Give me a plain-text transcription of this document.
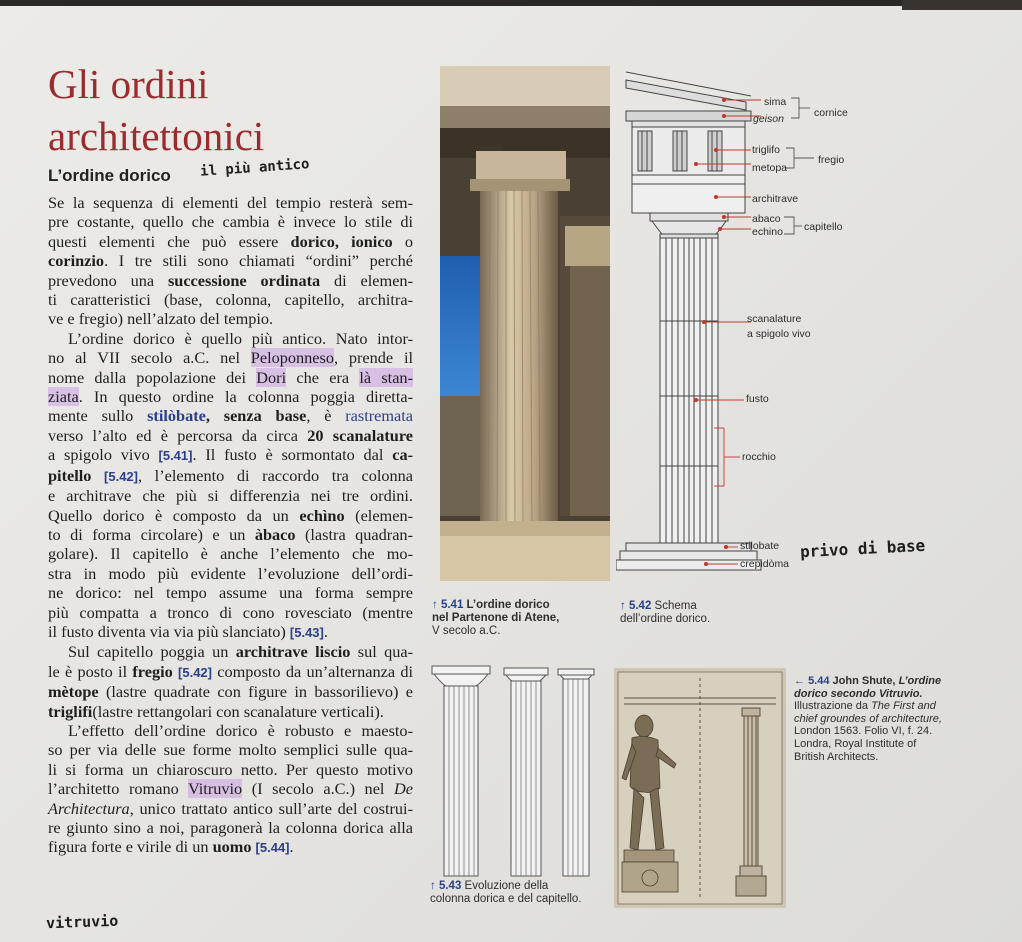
Gli ordini
architettonici
L’ordine dorico il più antico

Se la sequenza di elementi del tempio resterà sem-
pre costante, quello che cambia è invece lo stile di
questi elementi che può essere dorico, ionico o
corinzio. I tre stili sono chiamati “ordini” perché
prevedono una successione ordinata di elemen-
ti caratteristici (base, colonna, capitello, architra-
ve e fregio) nell’alzato del tempio.

L’ordine dorico è quello più antico. Nato intor-
no al VII secolo a.C. nel Peloponneso, prende il
nome dalla popolazione dei Dori che era là stan-
ziata. In questo ordine la colonna poggia diretta-
mente sullo stilòbate, senza base, è rastremata
verso l’alto ed è percorsa da circa 20 scanalature
a spigolo vivo [5.41]. Il fusto è sormontato dal ca-
pitello [5.42], l’elemento di raccordo tra colonna
e architrave che più si differenzia nei tre ordini.
Quello dorico è composto da un echìno (elemen-
to di forma circolare) e un àbaco (lastra quadran-
golare). Il capitello è anche l’elemento che mo-
stra in modo più evidente l’evoluzione dell’ordi-
ne dorico: nel tempo assume una forma sempre
più compatta a tronco di cono rovesciato (mentre
il fusto diventa via via più slanciato) [5.43].

Sul capitello poggia un architrave liscio sul qua-
le è posto il fregio [5.42] composto da un’alternanza di
mètope (lastre quadrate con figure in bassorilievo) e
triglifi(lastre rettangolari con scanalature verticali).

L’effetto dell’ordine dorico è robusto e maesto-
so per via delle sue forme molto semplici sulle qua-
li si forma un chiaroscuro netto. Per questo motivo
l’architetto romano Vitruvio (I secolo a.C.) nel De
Architectura, unico trattato antico sull’arte del costrui-
re giunto sino a noi, paragonerà la colonna dorica alla
figura forte e virile di un uomo [5.44].

vitruvio
↑ 5.41 L’ordine dorico
nel Partenone di Atene,
V secolo a.C.
sima
geison	cornice
triglifo
metopa
fregio
architrave
abaco
echino capitello
scanalature
a spigolo vivo
fusto
rocchio
stilobate
crepidòma
privo di base
↑ 5.42 Schema
dell’ordine dorico.
↑ 5.43 Evoluzione della
colonna dorica e del capitello.
← 5.44 John Shute, L’ordine
dorico secondo Vitruvio.
Illustrazione da The First and
chief groundes of architecture,
London 1563. Folio VI, f. 24.
Londra, Royal Institute of
British Architects.
